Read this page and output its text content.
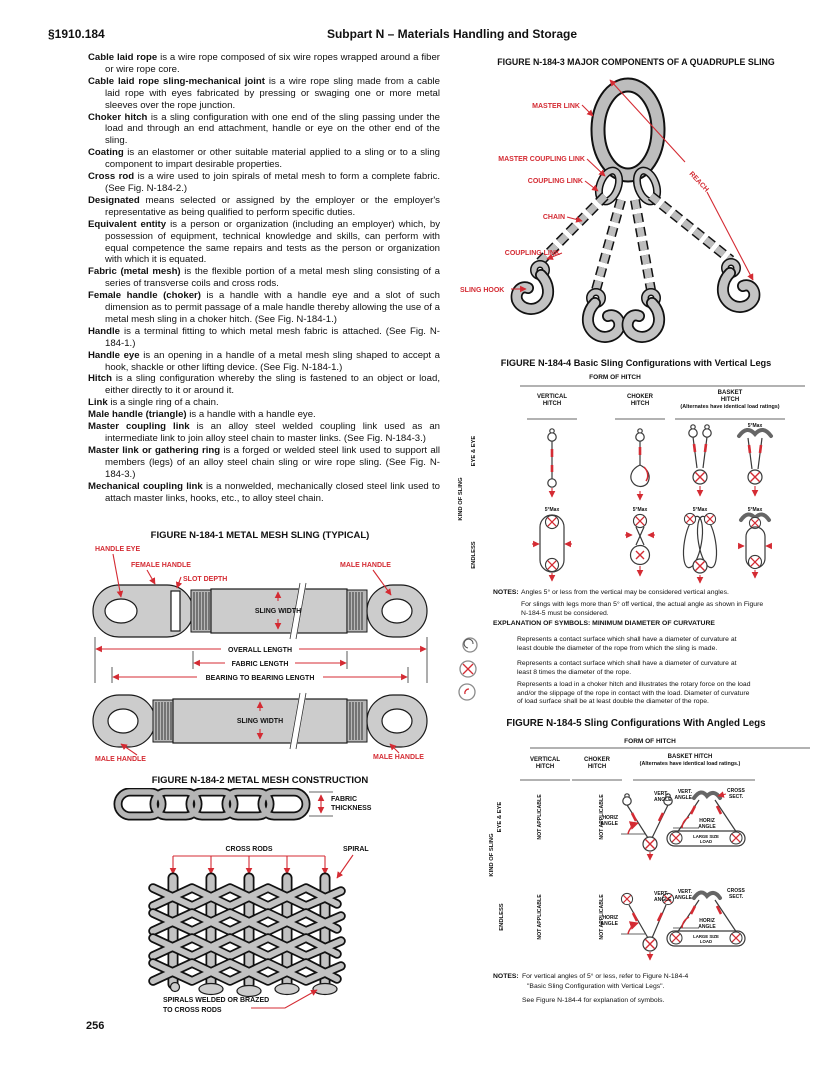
§1910.184	Subpart N – Materials Handling and Storage

Cable laid rope is a wire rope composed of six wire ropes wrapped around a fiber or wire rope core.

Cable laid rope sling-mechanical joint is a wire rope sling made from a cable laid rope with eyes fabricated by pressing or swaging one or more metal sleeves over the rope junction.

Choker hitch is a sling configuration with one end of the sling passing under the load and through an end attachment, handle or eye on the other end of the sling.

Coating is an elastomer or other suitable material applied to a sling or to a sling component to impart desirable properties.

Cross rod is a wire used to join spirals of metal mesh to form a complete fabric. (See Fig. N-184-2.)

Designated means selected or assigned by the employer or the employer's representative as being qualified to perform specific duties.

Equivalent entity is a person or organization (including an employer) which, by possession of equipment, technical knowledge and skills, can perform with equal competence the same repairs and tests as the person or organization with which it is equated.

Fabric (metal mesh) is the flexible portion of a metal mesh sling consisting of a series of transverse coils and cross rods.

Female handle (choker) is a handle with a handle eye and a slot of such dimension as to permit passage of a male handle thereby allowing the use of a metal mesh sling in a choker hitch. (See Fig. N-184-1.)

Handle is a terminal fitting to which metal mesh fabric is attached. (See Fig. N-184-1.)

Handle eye is an opening in a handle of a metal mesh sling shaped to accept a hook, shackle or other lifting device. (See Fig. N-184-1.)

Hitch is a sling configuration whereby the sling is fastened to an object or load, either directly to it or around it.

Link is a single ring of a chain.

Male handle (triangle) is a handle with a handle eye.

Master coupling link is an alloy steel welded coupling link used as an intermediate link to join alloy steel chain to master links. (See Fig. N-184-3.)

Master link or gathering ring is a forged or welded steel link used to support all members (legs) of an alloy steel chain sling or wire rope sling. (See Fig. N-184-3.)

Mechanical coupling link is a nonwelded, mechanically closed steel link used to attach master links, hooks, etc., to alloy steel chain.

FIGURE N-184-1 METAL MESH SLING (TYPICAL)
SLING WIDTH
HANDLE EYE
FEMALE HANDLE
SLOT DEPTH
MALE HANDLE
OVERALL LENGTH
FABRIC LENGTH
BEARING TO BEARING LENGTH
SLING WIDTH
MALE HANDLE	MALE HANDLE
FIGURE N-184-2 METAL MESH CONSTRUCTION
FABRIC
THICKNESS
CROSS RODS	SPIRAL
SPIRALS WELDED OR BRAZED
TO CROSS RODS
FIGURE N-184-3 MAJOR COMPONENTS OF A QUADRUPLE SLING
MASTER LINK
MASTER COUPLING LINK
COUPLING LINK
CHAIN
COUPLING LINK
SLING HOOK
REACH
FIGURE N-184-4 Basic Sling Configurations with Vertical Legs
5°Max
5°Max	5°Max	5°Max	5°Max
FORM OF HITCH
VERTICAL HITCH
CHOKER HITCH
BASKET HITCH
(Alternates have identical load ratings)
KIND OF SLING
EYE & EYE
ENDLESS
NOTES: Angles 5° or less from the vertical may be considered vertical angles.
For slings with legs more than 5° off vertical, the actual angle as shown in Figure N-184-5 must be considered.
EXPLANATION OF SYMBOLS: MINIMUM DIAMETER OF CURVATURE
Represents a contact surface which shall have a diameter of curvature at least double the diameter of the rope from which the sling is made.
Represents a contact surface which shall have a diameter of curvature at least 8 times the diameter of the rope.
Represents a load in a choker hitch and illustrates the rotary force on the load and/or the slippage of the rope in contact with the load. Diameter of curvature of load surface shall be at least double the diameter of the rope.
FIGURE N-184-5 Sling Configurations With Angled Legs
VERT.
ANGLE
HORIZ
ANGLE
LARGE SIZE
LOAD
VERT.
ANGLE
CROSS
SECT.
HORIZ
ANGLE
VERT.
ANGLE
HORIZ
ANGLE
LARGE SIZE
LOAD
VERT.
ANGLE
CROSS
SECT.
HORIZ
ANGLE
FORM OF HITCH
VERTICAL HITCH
CHOKER HITCH
BASKET HITCH
(Alternates have identical load ratings.)
KIND OF SLING
EYE & EYE
ENDLESS
NOT APPLICABLE	NOT APPLICABLE
NOT APPLICABLE	NOT APPLICABLE
NOTES: For vertical angles of 5° or less, refer to Figure N-184-4
"Basic Sling Configuration with Vertical Legs".
See Figure N-184-4 for explanation of symbols.
256
